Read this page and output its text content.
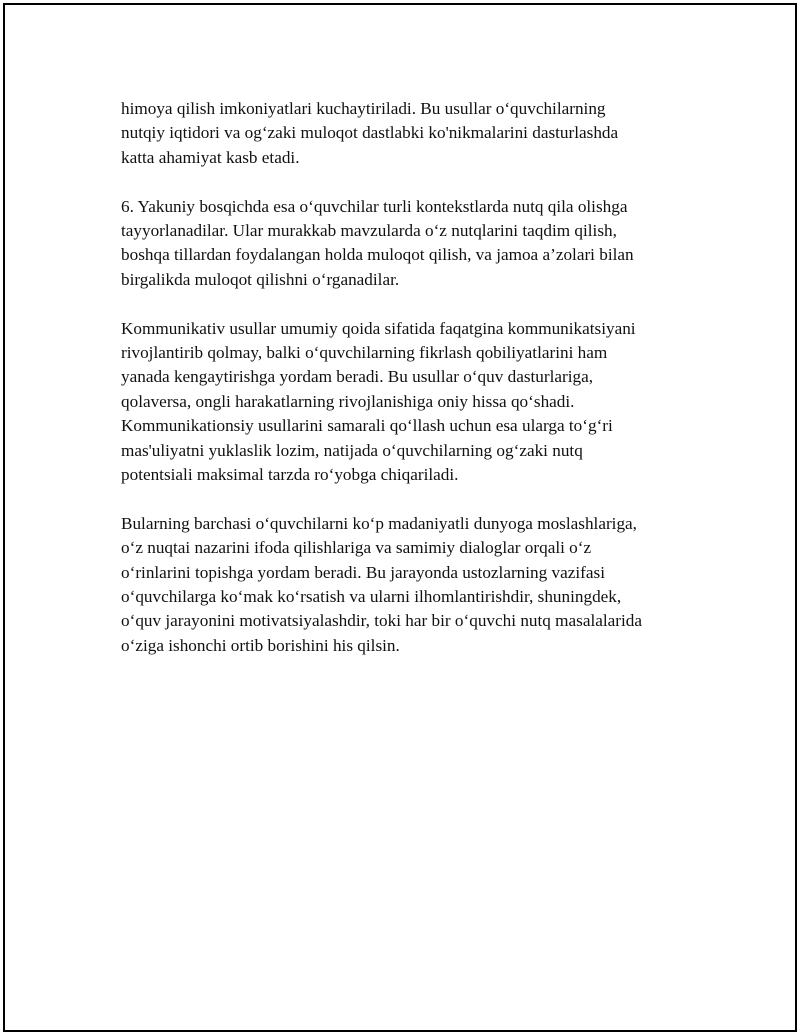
himoya qilish imkoniyatlari kuchaytiriladi. Bu usullar o‘quvchilarning
nutqiy iqtidori va og‘zaki muloqot dastlabki ko'nikmalarini dasturlashda
katta ahamiyat kasb etadi.

6. Yakuniy bosqichda esa o‘quvchilar turli kontekstlarda nutq qila olishga
tayyorlanadilar. Ular murakkab mavzularda o‘z nutqlarini taqdim qilish,
boshqa tillardan foydalangan holda muloqot qilish, va jamoa a’zolari bilan
birgalikda muloqot qilishni o‘rganadilar.

Kommunikativ usullar umumiy qoida sifatida faqatgina kommunikatsiyani
rivojlantirib qolmay, balki o‘quvchilarning fikrlash qobiliyatlarini ham
yanada kengaytirishga yordam beradi. Bu usullar o‘quv dasturlariga,
qolaversa, ongli harakatlarning rivojlanishiga oniy hissa qo‘shadi.
Kommunikationsiy usullarini samarali qo‘llash uchun esa ularga to‘g‘ri
mas'uliyatni yuklaslik lozim, natijada o‘quvchilarning og‘zaki nutq
potentsiali maksimal tarzda ro‘yobga chiqariladi.

Bularning barchasi o‘quvchilarni ko‘p madaniyatli dunyoga moslashlariga,
o‘z nuqtai nazarini ifoda qilishlariga va samimiy dialoglar orqali o‘z
o‘rinlarini topishga yordam beradi. Bu jarayonda ustozlarning vazifasi
o‘quvchilarga ko‘mak ko‘rsatish va ularni ilhomlantirishdir, shuningdek,
o‘quv jarayonini motivatsiyalashdir, toki har bir o‘quvchi nutq masalalarida
o‘ziga ishonchi ortib borishini his qilsin.
